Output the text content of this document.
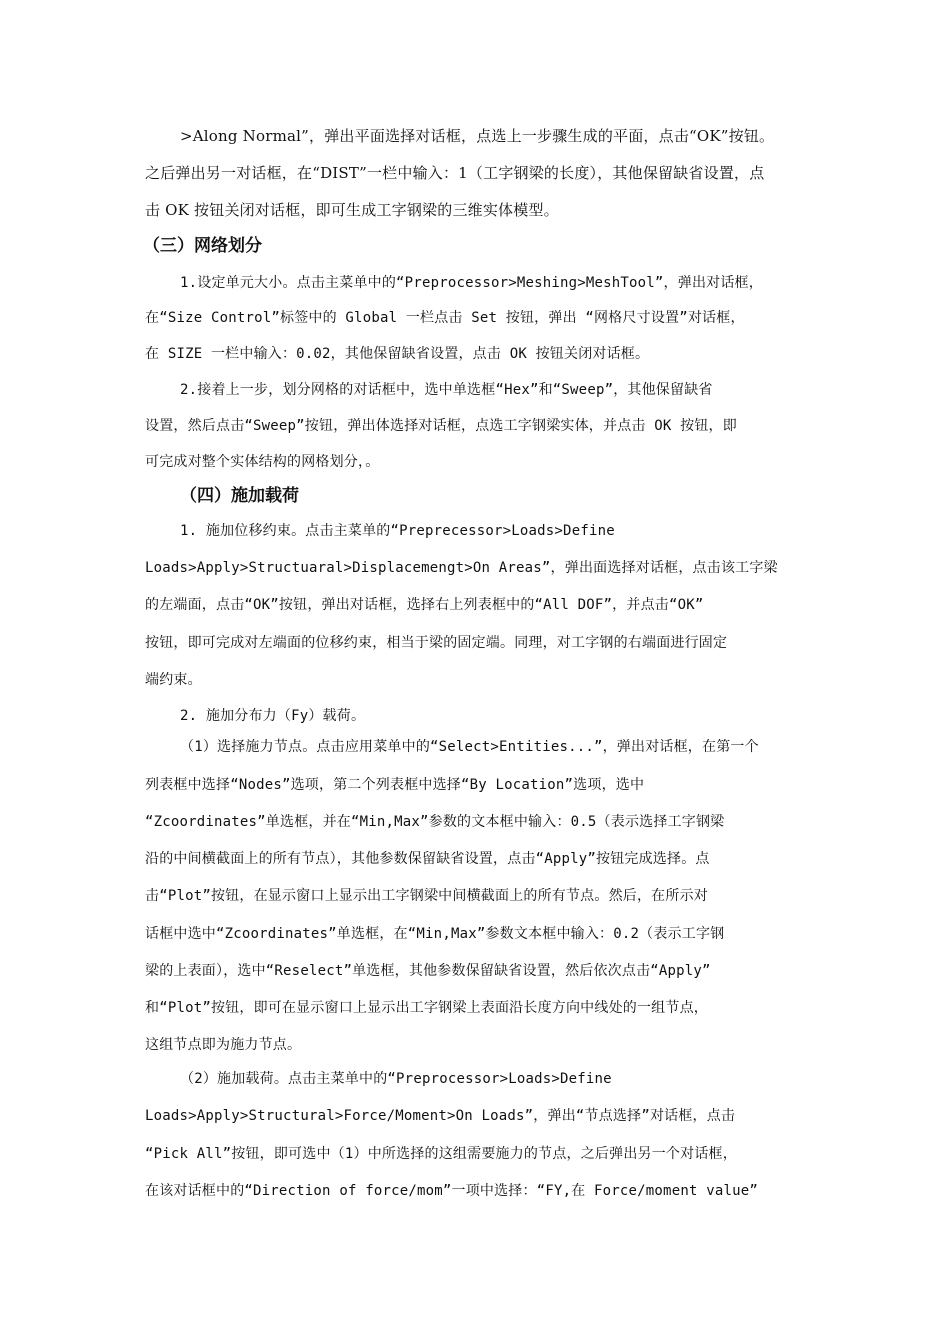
>Along Normal”，弹出平面选择对话框，点选上一步骤生成的平面，点击“OK”按钮。
之后弹出另一对话框，在“DIST”一栏中输入：1（工字钢梁的长度），其他保留缺省设置，点
击 OK 按钮关闭对话框，即可生成工字钢梁的三维实体模型。
（三）网络划分
1.设定单元大小。点击主菜单中的“Preprocessor>Meshing>MeshTool”，弹出对话框，
在“Size Control”标签中的 Global 一栏点击 Set 按钮，弹出 “网格尺寸设置”对话框，
在 SIZE 一栏中输入：0.02，其他保留缺省设置，点击 OK 按钮关闭对话框。
2.接着上一步，划分网格的对话框中，选中单选框“Hex”和“Sweep”，其他保留缺省
设置，然后点击“Sweep”按钮，弹出体选择对话框，点选工字钢梁实体，并点击 OK 按钮，即
可完成对整个实体结构的网格划分，。
（四）施加载荷
1. 施加位移约束。点击主菜单的“Preprecessor>Loads>Define
Loads>Apply>Structuaral>Displacemengt>On Areas”，弹出面选择对话框，点击该工字梁
的左端面，点击“OK”按钮，弹出对话框，选择右上列表框中的“All DOF”，并点击“OK”
按钮，即可完成对左端面的位移约束，相当于梁的固定端。同理，对工字钢的右端面进行固定
端约束。
2. 施加分布力（Fy）载荷。
（1）选择施力节点。点击应用菜单中的“Select>Entities...”，弹出对话框，在第一个
列表框中选择“Nodes”选项，第二个列表框中选择“By Location”选项，选中
“Zcoordinates”单选框，并在“Min,Max”参数的文本框中输入：0.5（表示选择工字钢梁
沿的中间横截面上的所有节点），其他参数保留缺省设置，点击“Apply”按钮完成选择。点
击“Plot”按钮，在显示窗口上显示出工字钢梁中间横截面上的所有节点。然后，在所示对
话框中选中“Zcoordinates”单选框，在“Min,Max”参数文本框中输入：0.2（表示工字钢
梁的上表面），选中“Reselect”单选框，其他参数保留缺省设置，然后依次点击“Apply”
和“Plot”按钮，即可在显示窗口上显示出工字钢梁上表面沿长度方向中线处的一组节点，
这组节点即为施力节点。
（2）施加载荷。点击主菜单中的“Preprocessor>Loads>Define
Loads>Apply>Structural>Force/Moment>On Loads”，弹出“节点选择”对话框，点击
“Pick All”按钮，即可选中（1）中所选择的这组需要施力的节点，之后弹出另一个对话框，
在该对话框中的“Direction of force/mom”一项中选择：“FY,在 Force/moment value”
